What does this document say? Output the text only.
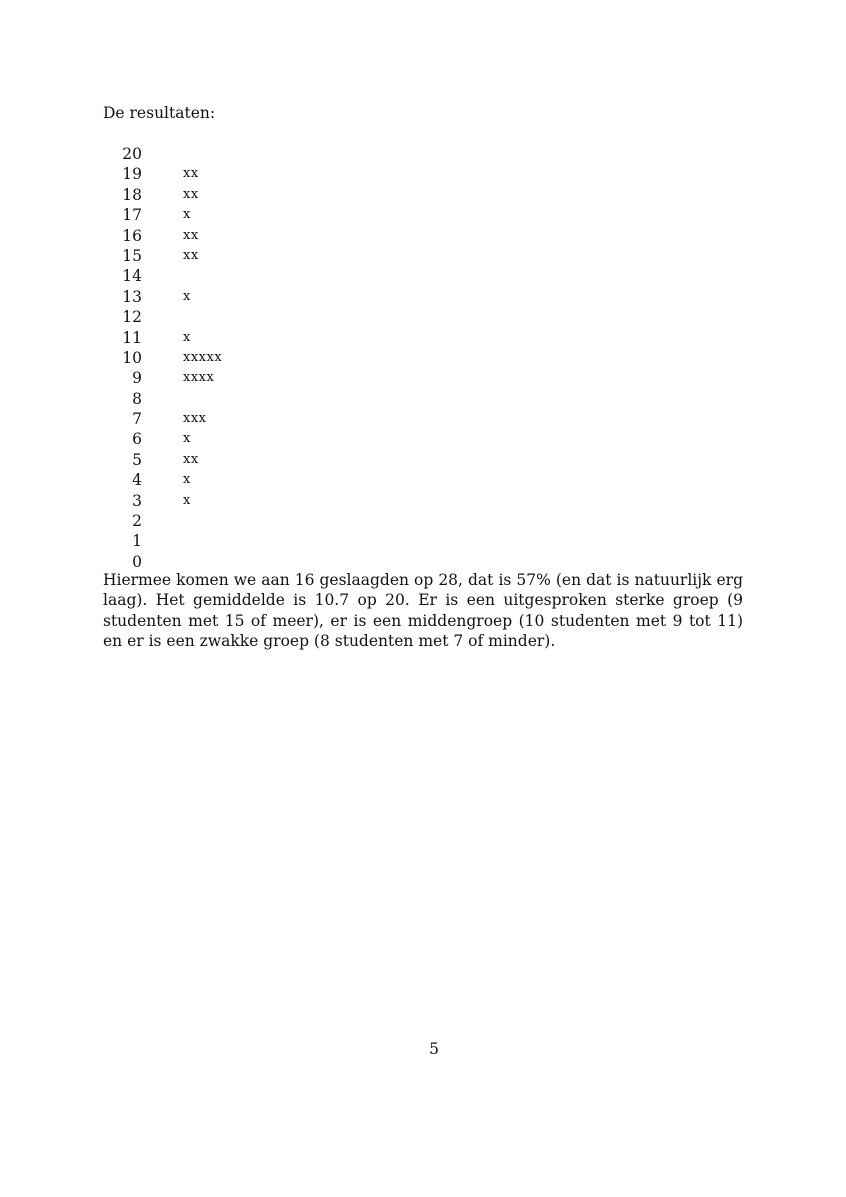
De resultaten:
20
19	xx
18	xx
17	x
16	xx
15	xx
14
13	x
12
11	x
10	xxxxx
9	xxxx
8
7	xxx
6	x
5	xx
4	x
3	x
2
1
0
Hiermee komen we aan 16 geslaagden op 28, dat is 57% (en dat is natuurlijk erg laag). Het gemiddelde is 10.7 op 20. Er is een uitgesproken sterke groep (9 studenten met 15 of meer), er is een middengroep (10 studenten met 9 tot 11) en er is een zwakke groep (8 studenten met 7 of minder).
5
